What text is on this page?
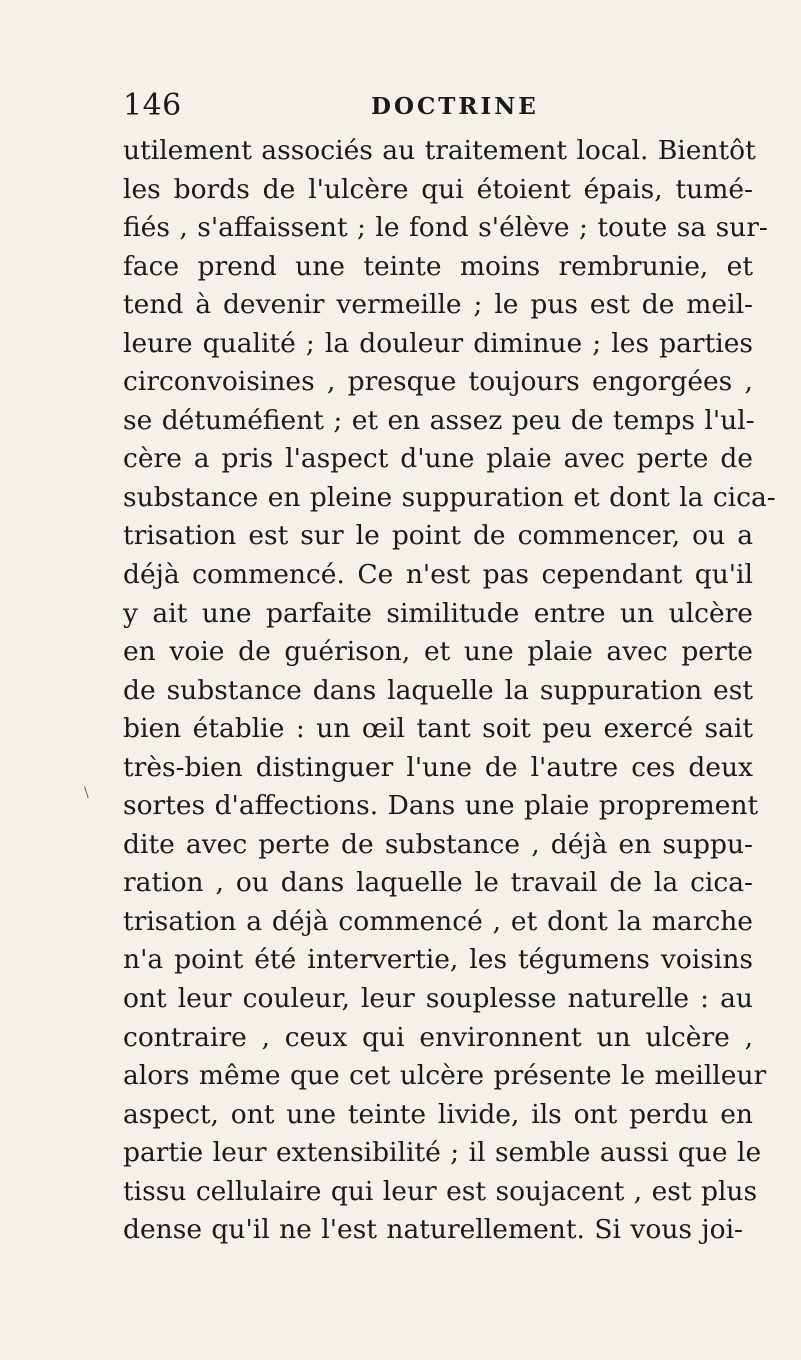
146	DOCTRINE
\
utilement associés au traitement local. Bientôt
les bords de l'ulcère qui étoient épais, tumé-
fiés , s'affaissent ; le fond s'élève ; toute sa sur-
face prend une teinte moins rembrunie, et
tend à devenir vermeille ; le pus est de meil-
leure qualité ; la douleur diminue ; les parties
circonvoisines , presque toujours engorgées ,
se détuméfient ; et en assez peu de temps l'ul-
cère a pris l'aspect d'une plaie avec perte de
substance en pleine suppuration et dont la cica-
trisation est sur le point de commencer, ou a
déjà commencé. Ce n'est pas cependant qu'il
y ait une parfaite similitude entre un ulcère
en voie de guérison, et une plaie avec perte
de substance dans laquelle la suppuration est
bien établie : un œil tant soit peu exercé sait
très-bien distinguer l'une de l'autre ces deux
sortes d'affections. Dans une plaie proprement
dite avec perte de substance , déjà en suppu-
ration , ou dans laquelle le travail de la cica-
trisation a déjà commencé , et dont la marche
n'a point été intervertie, les tégumens voisins
ont leur couleur, leur souplesse naturelle : au
contraire , ceux qui environnent un ulcère ,
alors même que cet ulcère présente le meilleur
aspect, ont une teinte livide, ils ont perdu en
partie leur extensibilité ; il semble aussi que le
tissu cellulaire qui leur est soujacent , est plus
dense qu'il ne l'est naturellement. Si vous joi-
